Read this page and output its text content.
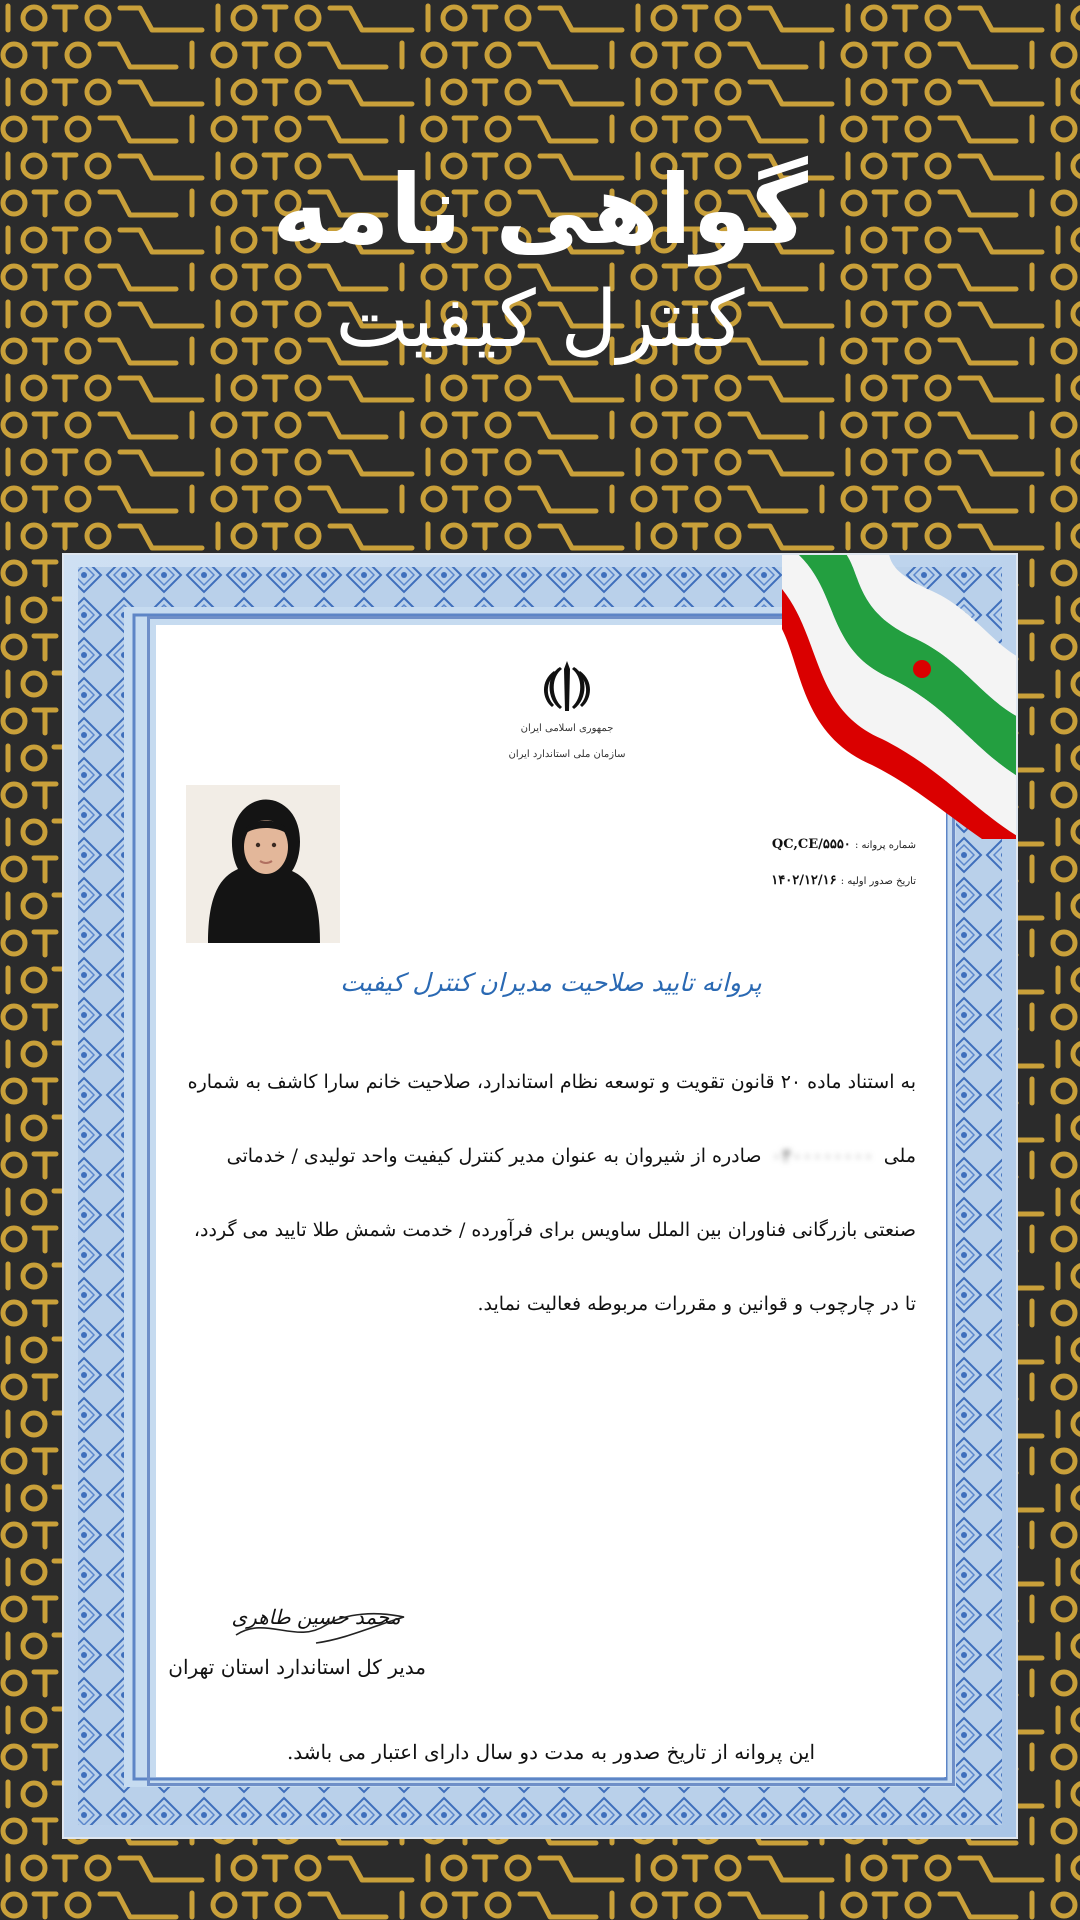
گواهی نامه
کنترل کیفیت
جمهوری اسلامی ایران
سازمان ملی استاندارد ایران
شماره پروانه : QC,CE/۵۵۵۰
تاریخ صدور اولیه : ۱۴۰۲/۱۲/۱۶
پروانه تایید صلاحیت مدیران کنترل کیفیت
به استناد ماده ۲۰ قانون تقویت و توسعه نظام استاندارد، صلاحیت خانم سارا کاشف به شماره ملی ۰۴۰۰۰۰۰۰۰۰ صادره از شیروان به عنوان مدیر کنترل کیفیت واحد تولیدی / خدماتی صنعتی بازرگانی فناوران بین الملل ساویس برای فرآورده / خدمت شمش طلا تایید می گردد، تا در چارچوب و قوانین و مقررات مربوطه فعالیت نماید.
محمد حسین طاهری
مدیر کل استاندارد استان تهران
این پروانه از تاریخ صدور به مدت دو سال دارای اعتبار می باشد.
